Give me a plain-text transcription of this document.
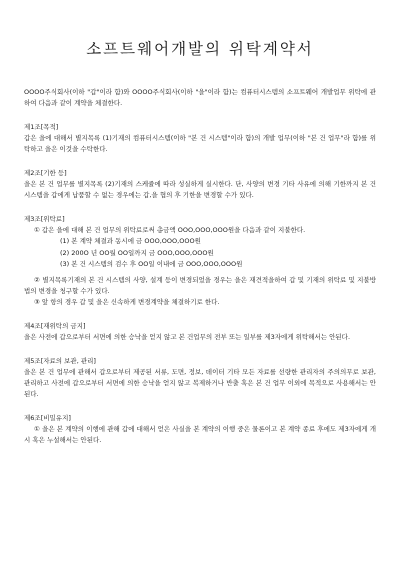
소프트웨어개발의 위탁계약서

OOOO주식회사(이하 "갑"이라 함)와 OOOO주식회사(이하 "을"이라 함)는 컴퓨터시스템의 소프트웨어 개발업무 위탁에 관하여 다음과 같이 계약을 체결한다.

제1조[목적]

갑은 을에 대해서 별지목록 (1)기재의 컴퓨터시스템(이하 "본 건 시스템"이라 함)의 개발 업무(이하 "본 건 업무"라 함)를 위탁하고 을은 이것을 수탁한다.

제2조[기한 등]

을은 본 건 업무를 별지목록 (2)기재의 스케쥴에 따라 성실하게 실시한다. 단, 사양의 변경 기타 사유에 의해 기한까지 본 건 시스템을 갑에게 납품할 수 없는 경우에는 갑,을 협의 후 기한을 변경할 수가 있다.

제3조[위탁료]

① 갑은 을에 대해 본 건 업무의 위탁료로써 총금액 OOO,OOO,OOO원을 다음과 같이 지불한다.

(1) 본 계약 체결과 동시에 금 OOO,OOO,OOO원
(2) 200O 년 OO월 OO일까지 금 OOO,OOO,OOO원
(3) 본 건 시스템의 검수 후 OO일 이내에 금 OOO,OOO,OOO원

② 별지목록기재의 본 건 시스템의 사양, 설계 등이 변경되었을 경우는 을은 재견적을하여 갑 및 기재의 위탁료 및 지불방법의 변경을 청구할 수가 있다.

③ 앞 항의 경우 갑 및 을은 신속하게 변경계약을 체결하기로 한다.

제4조[재위탁의 금지]

을은 사전에 갑으로부터 서면에 의한 승낙을 얻지 않고 본 건업무의 전부 또는 일부를 제3자에게 위탁해서는 안된다.

제5조[자료의 보관, 관리]

을은 본 건 업무에 관해서 갑으로부터 제공된 서류, 도면, 정보, 데이터 기타 모든 자료를 선량한 관리자의 주의의무로 보관, 관리하고 사전에 갑으로부터 서면에 의한 승낙을 얻지 않고 복제하거나 반출 혹은 본 건 업무 이외에 목적으로 사용해서는 안된다.

제6조[비밀유지]

① 을은 본 계약의 이행에 관해 갑에 대해서 얻은 사실을 본 계약의 이행 중은 물론이고 본 계약 종료 후에도 제3자에게 개시 혹은 누설해서는 안된다.
